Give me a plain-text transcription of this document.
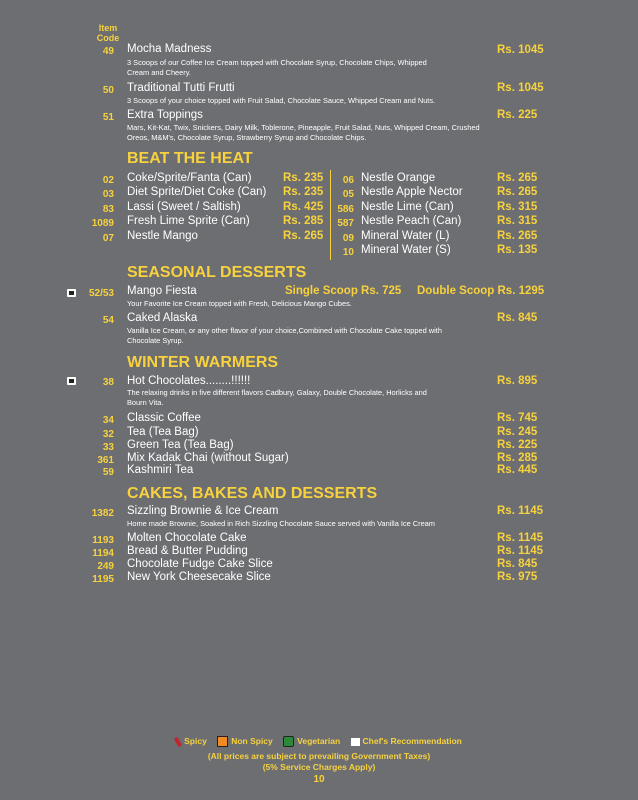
Item
Code
49 Mocha Madness	Rs. 1045
3 Scoops of our Coffee Ice Cream topped with Chocolate Syrup, Chocolate Chips, Whipped Cream and Cheery.
50 Traditional Tutti Frutti	Rs. 1045
3 Scoops of your choice topped with Fruit Salad, Chocolate Sauce, Whipped Cream and Nuts.
51 Extra Toppings	Rs. 225
Mars, Kit-Kat, Twix, Snickers, Dairy Milk, Toblerone, Pineapple, Fruit Salad, Nuts, Whipped Cream, Crushed Oreos, M&M's, Chocolate Syrup, Strawberry Syrup and Chocolate Chips.
BEAT THE HEAT
02 Coke/Sprite/Fanta (Can)	Rs. 235
03 Diet Sprite/Diet Coke (Can) Rs. 235
83 Lassi (Sweet / Saltish)	Rs. 425
1089 Fresh Lime Sprite (Can)	Rs. 285
07 Nestle Mango	Rs. 265
06 Nestle Orange	Rs. 265
05 Nestle Apple Nector	Rs. 265
586 Nestle Lime (Can)	Rs. 315
587 Nestle Peach (Can)	Rs. 315
09 Mineral Water (L)	Rs. 265
10 Mineral Water (S)	Rs. 135
SEASONAL DESSERTS
52/53 Mango Fiesta	Single Scoop Rs. 725 Double Scoop Rs. 1295
Your Favorite Ice Cream topped with Fresh, Delicious Mango Cubes.
54 Caked Alaska	Rs. 845
Vanilla Ice Cream, or any other flavor of your choice,Combined with Chocolate Cake topped with Chocolate Syrup.
WINTER WARMERS
38 Hot Chocolates........!!!!!!	Rs. 895
The relaxing drinks in five different flavors Cadbury, Galaxy, Double Chocolate, Horlicks and Bourn Vita.
34 Classic Coffee	Rs. 745
32 Tea (Tea Bag)	Rs. 245
33 Green Tea (Tea Bag)	Rs. 225
361 Mix Kadak Chai (without Sugar)	Rs. 285
59 Kashmiri Tea	Rs. 445
CAKES, BAKES AND DESSERTS
1382 Sizzling Brownie & Ice Cream	Rs. 1145
Home made Brownie, Soaked in Rich Sizzling Chocolate Sauce served with Vanilla Ice Cream
1193 Molten Chocolate Cake	Rs. 1145
1194 Bread & Butter Pudding	Rs. 1145
249 Chocolate Fudge Cake Slice	Rs. 845
1195 New York Cheesecake Slice	Rs. 975
Spicy	Non Spicy	Vegetarian	Chef's Recommendation
(All prices are subject to prevailing Government Taxes)
(5% Service Charges Apply)
10
